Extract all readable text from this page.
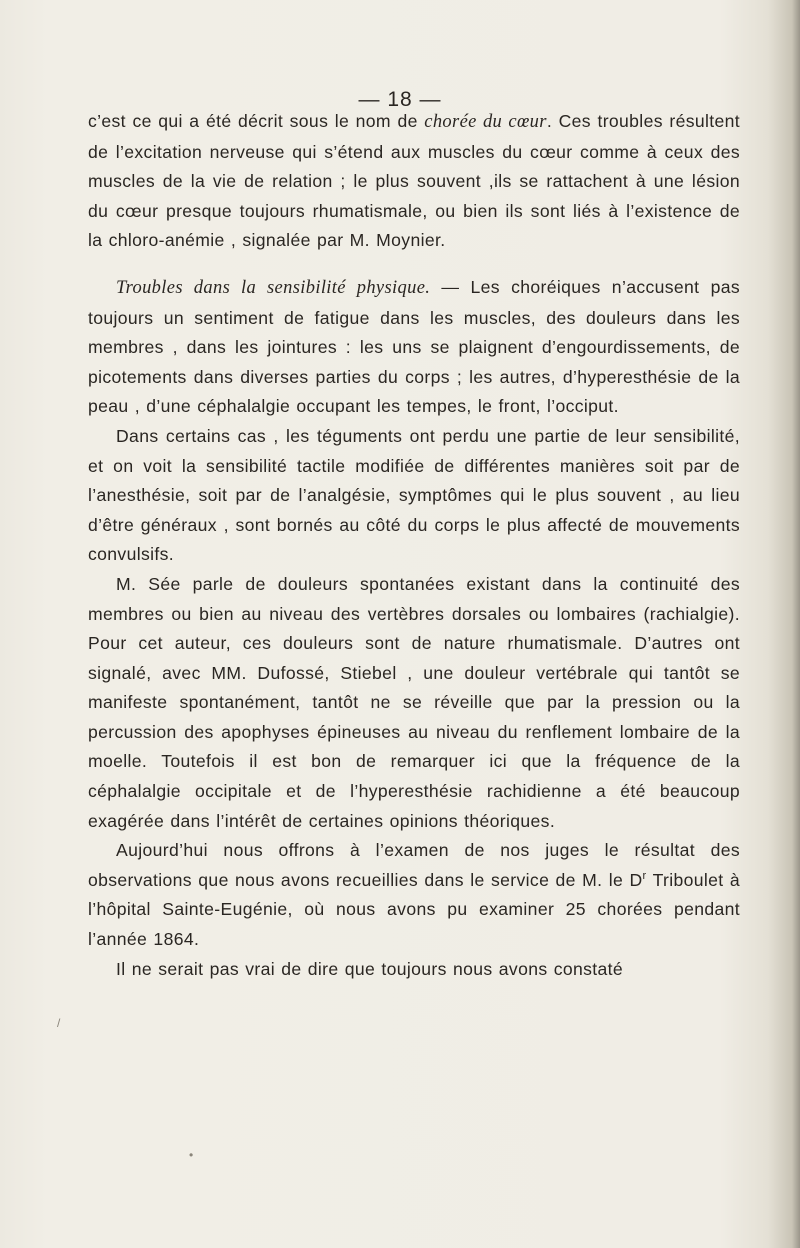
— 18 —

c’est ce qui a été décrit sous le nom de chorée du cœur. Ces troubles résultent de l’excitation nerveuse qui s’étend aux muscles du cœur comme à ceux des muscles de la vie de relation ; le plus souvent ,ils se rattachent à une lésion du cœur presque toujours rhumatismale, ou bien ils sont liés à l’existence de la chloro-anémie , signalée par M. Moynier.

Troubles dans la sensibilité physique. — Les choréiques n’accusent pas toujours un sentiment de fatigue dans les muscles, des douleurs dans les membres , dans les jointures : les uns se plaignent d’engourdissements, de picotements dans diverses parties du corps ; les autres, d’hyperesthésie de la peau , d’une céphalalgie occupant les tempes, le front, l’occiput.

Dans certains cas , les téguments ont perdu une partie de leur sensibilité, et on voit la sensibilité tactile modifiée de différentes manières soit par de l’anesthésie, soit par de l’analgésie, symptômes qui le plus souvent , au lieu d’être généraux , sont bornés au côté du corps le plus affecté de mouvements convulsifs.

M. Sée parle de douleurs spontanées existant dans la continuité des membres ou bien au niveau des vertèbres dorsales ou lombaires (rachialgie). Pour cet auteur, ces douleurs sont de nature rhumatismale. D’autres ont signalé, avec MM. Dufossé, Stiebel , une douleur vertébrale qui tantôt se manifeste spontanément, tantôt ne se réveille que par la pression ou la percussion des apophyses épineuses au niveau du renflement lombaire de la moelle. Toutefois il est bon de remarquer ici que la fréquence de la céphalalgie occipitale et de l’hyperesthésie rachidienne a été beaucoup exagérée dans l’intérêt de certaines opinions théoriques.

Aujourd’hui nous offrons à l’examen de nos juges le résultat des observations que nous avons recueillies dans le service de M. le $D^r$ Triboulet à l’hôpital Sainte-Eugénie, où nous avons pu examiner 25 chorées pendant l’année 1864.

Il ne serait pas vrai de dire que toujours nous avons constaté

/
•
